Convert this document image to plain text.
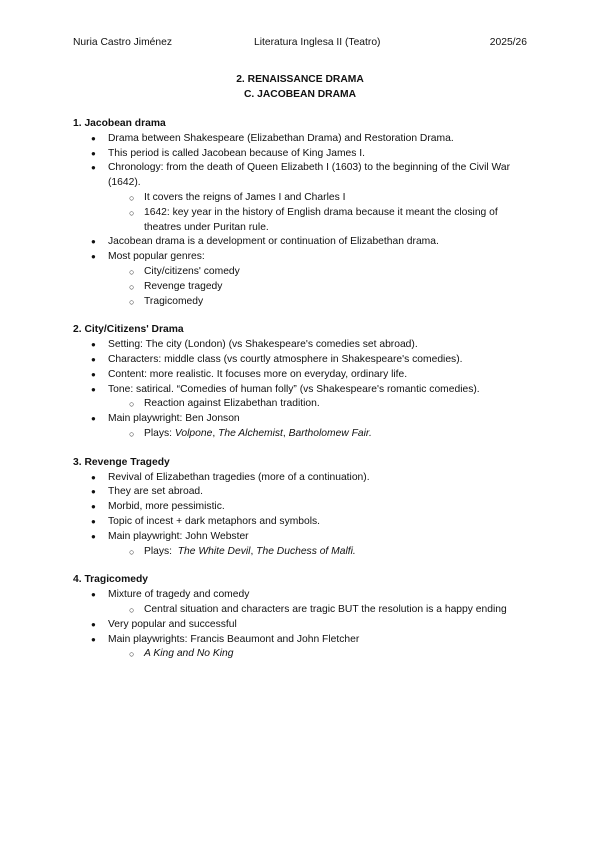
Nuria Castro Jiménez	Literatura Inglesa II (Teatro)	2025/26
2. RENAISSANCE DRAMA
C. JACOBEAN DRAMA

1. Jacobean drama

● Drama between Shakespeare (Elizabethan Drama) and Restoration Drama.
● This period is called Jacobean because of King James I.
● Chronology: from the death of Queen Elizabeth I (1603) to the beginning of the Civil War (1642).
○ It covers the reigns of James I and Charles I
○ 1642: key year in the history of English drama because it meant the closing of theatres under Puritan rule.
● Jacobean drama is a development or continuation of Elizabethan drama.
● Most popular genres:
○ City/citizens' comedy
○ Revenge tragedy
○ Tragicomedy

2. City/Citizens' Drama

● Setting: The city (London) (vs Shakespeare's comedies set abroad).
● Characters: middle class (vs courtly atmosphere in Shakespeare's comedies).
● Content: more realistic. It focuses more on everyday, ordinary life.
● Tone: satirical. “Comedies of human folly” (vs Shakespeare's romantic comedies).
○ Reaction against Elizabethan tradition.
● Main playwright: Ben Jonson
○ Plays: Volpone, The Alchemist, Bartholomew Fair.

3. Revenge Tragedy

● Revival of Elizabethan tragedies (more of a continuation).
● They are set abroad.
● Morbid, more pessimistic.
● Topic of incest + dark metaphors and symbols.
● Main playwright: John Webster
○ Plays:  The White Devil, The Duchess of Malfi.

4. Tragicomedy

● Mixture of tragedy and comedy
○ Central situation and characters are tragic BUT the resolution is a happy ending
● Very popular and successful
● Main playwrights: Francis Beaumont and John Fletcher
○ A King and No King
